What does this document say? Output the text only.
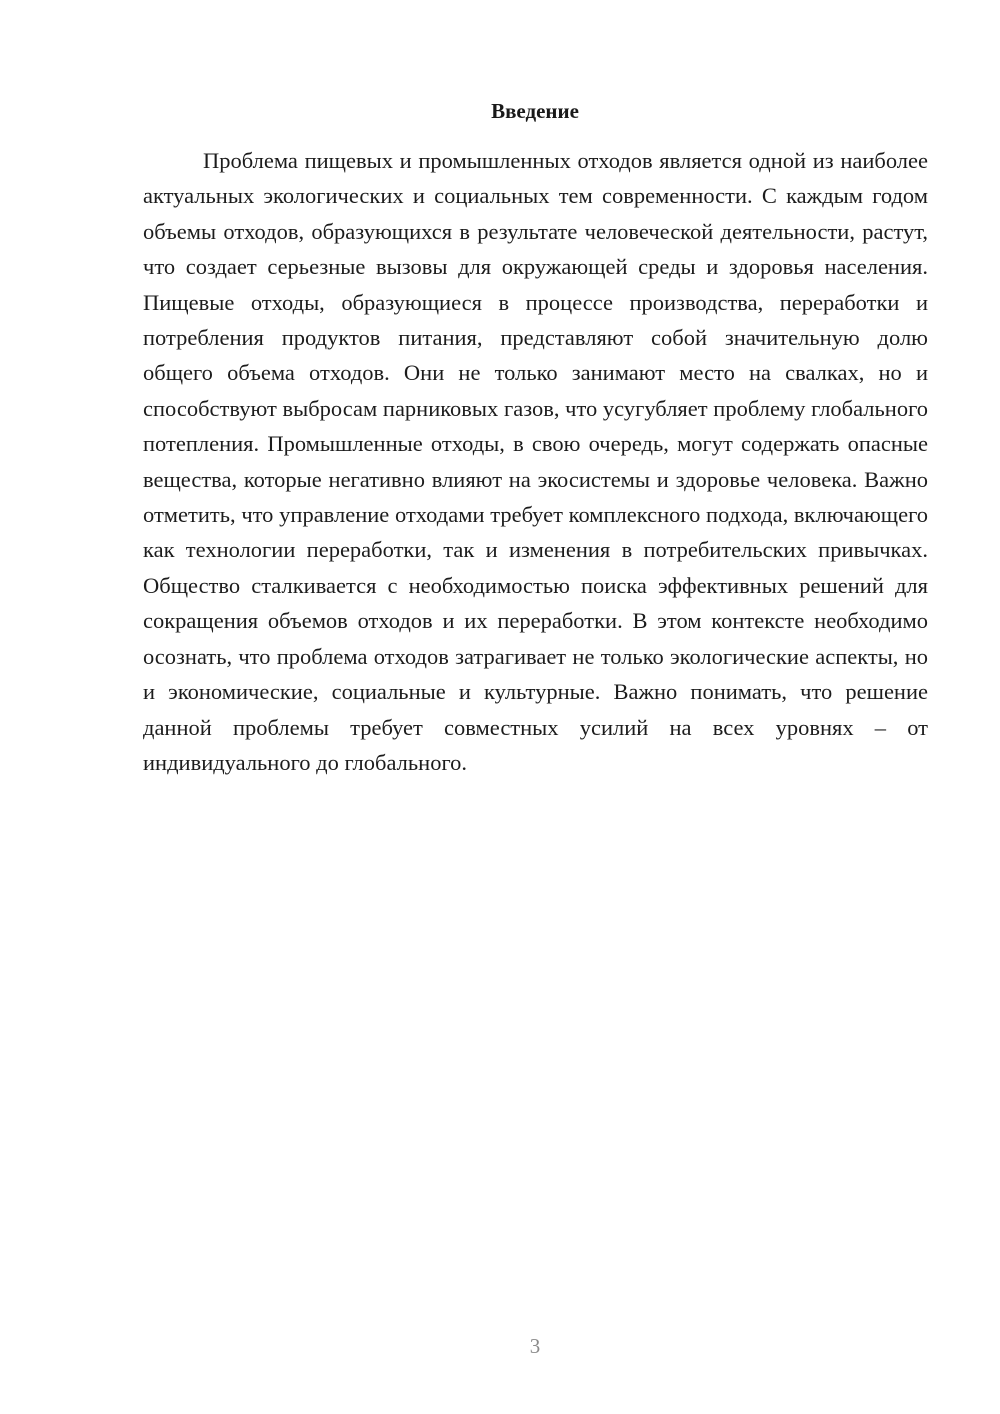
Введение

Проблема пищевых и промышленных отходов является одной из наиболее актуальных экологических и социальных тем современности. С каждым годом объемы отходов, образующихся в результате человеческой деятельности, растут, что создает серьезные вызовы для окружающей среды и здоровья населения. Пищевые отходы, образующиеся в процессе производства, переработки и потребления продуктов питания, представляют собой значительную долю общего объема отходов. Они не только занимают место на свалках, но и способствуют выбросам парниковых газов, что усугубляет проблему глобального потепления. Промышленные отходы, в свою очередь, могут содержать опасные вещества, которые негативно влияют на экосистемы и здоровье человека. Важно отметить, что управление отходами требует комплексного подхода, включающего как технологии переработки, так и изменения в потребительских привычках. Общество сталкивается с необходимостью поиска эффективных решений для сокращения объемов отходов и их переработки. В этом контексте необходимо осознать, что проблема отходов затрагивает не только экологические аспекты, но и экономические, социальные и культурные. Важно понимать, что решение данной проблемы требует совместных усилий на всех уровнях – от индивидуального до глобального.

3
